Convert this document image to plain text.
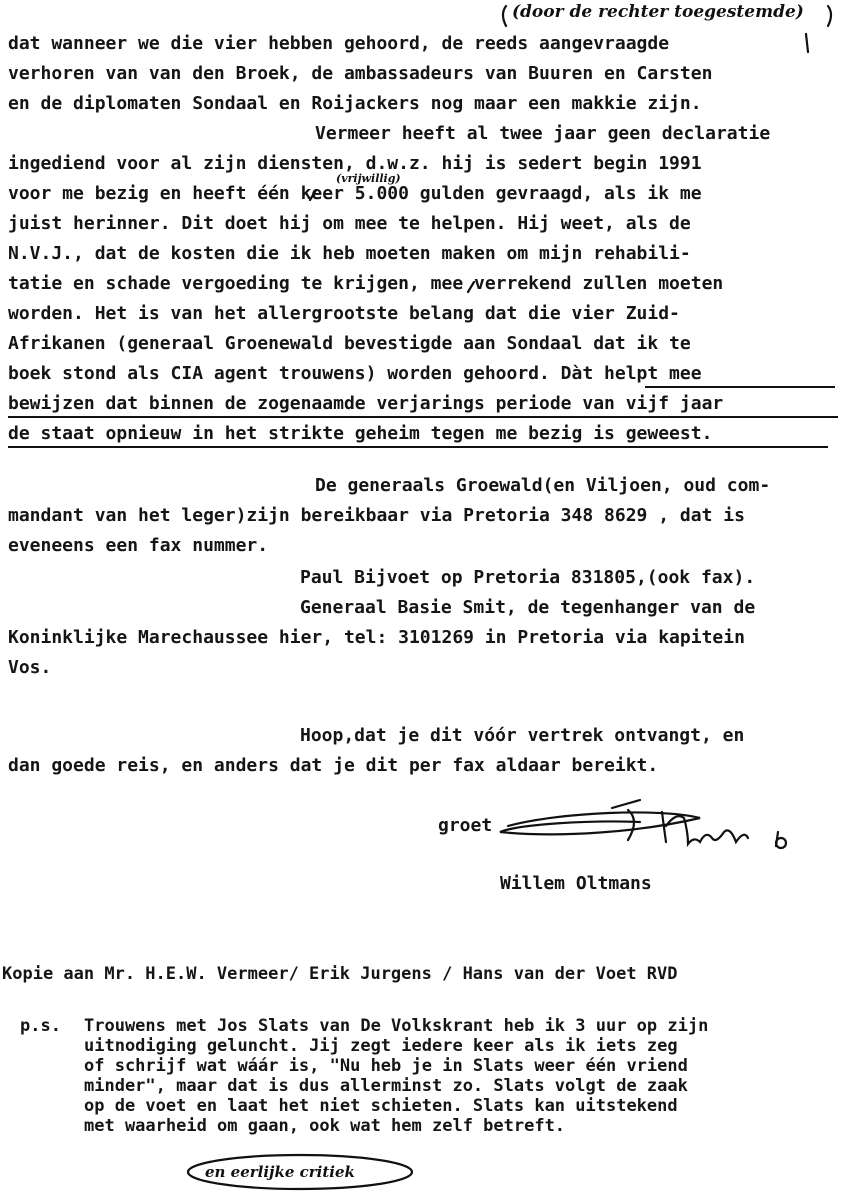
dat wanneer we die vier hebben gehoord, de reeds aangevraagde
verhoren van van den Broek, de ambassadeurs van Buuren en Carsten
en de diplomaten Sondaal en Roijackers nog maar een makkie zijn.
Vermeer heeft al twee jaar geen declaratie
ingediend voor al zijn diensten, d.w.z. hij is sedert begin 1991
voor me bezig en heeft één keer 5.000 gulden gevraagd, als ik me
juist herinner. Dit doet hij om mee te helpen. Hij weet, als de
N.V.J., dat de kosten die ik heb moeten maken om mijn rehabili-
tatie en schade vergoeding te krijgen, mee verrekend zullen moeten
worden. Het is van het allergrootste belang dat die vier Zuid-
Afrikanen (generaal Groenewald bevestigde aan Sondaal dat ik te
boek stond als CIA agent trouwens) worden gehoord. Dàt helpt mee
bewijzen dat binnen de zogenaamde verjarings periode van vijf jaar
de staat opnieuw in het strikte geheim tegen me bezig is geweest.
De generaals Groewald(en Viljoen, oud com-
mandant van het leger)zijn bereikbaar via Pretoria 348 8629 , dat is
eveneens een fax nummer.
Paul Bijvoet op Pretoria 831805,(ook fax).
Generaal Basie Smit, de tegenhanger van de
Koninklijke Marechaussee hier, tel: 3101269 in Pretoria via kapitein
Vos.
Hoop,dat je dit vóór vertrek ontvangt, en
dan goede reis, en anders dat je dit per fax aldaar bereikt.
groet
Willem Oltmans
Kopie aan Mr. H.E.W. Vermeer/ Erik Jurgens / Hans van der Voet RVD
p.s. Trouwens met Jos Slats van De Volkskrant heb ik 3 uur op zijn
uitnodiging geluncht. Jij zegt iedere keer als ik iets zeg
of schrijf wat wáár is, "Nu heb je in Slats weer één vriend
minder", maar dat is dus allerminst zo. Slats volgt de zaak
op de voet en laat het niet schieten. Slats kan uitstekend
met waarheid om gaan, ook wat hem zelf betreft.
(door de rechter toegestemde)
(vrijwillig)
en eerlijke critiek
